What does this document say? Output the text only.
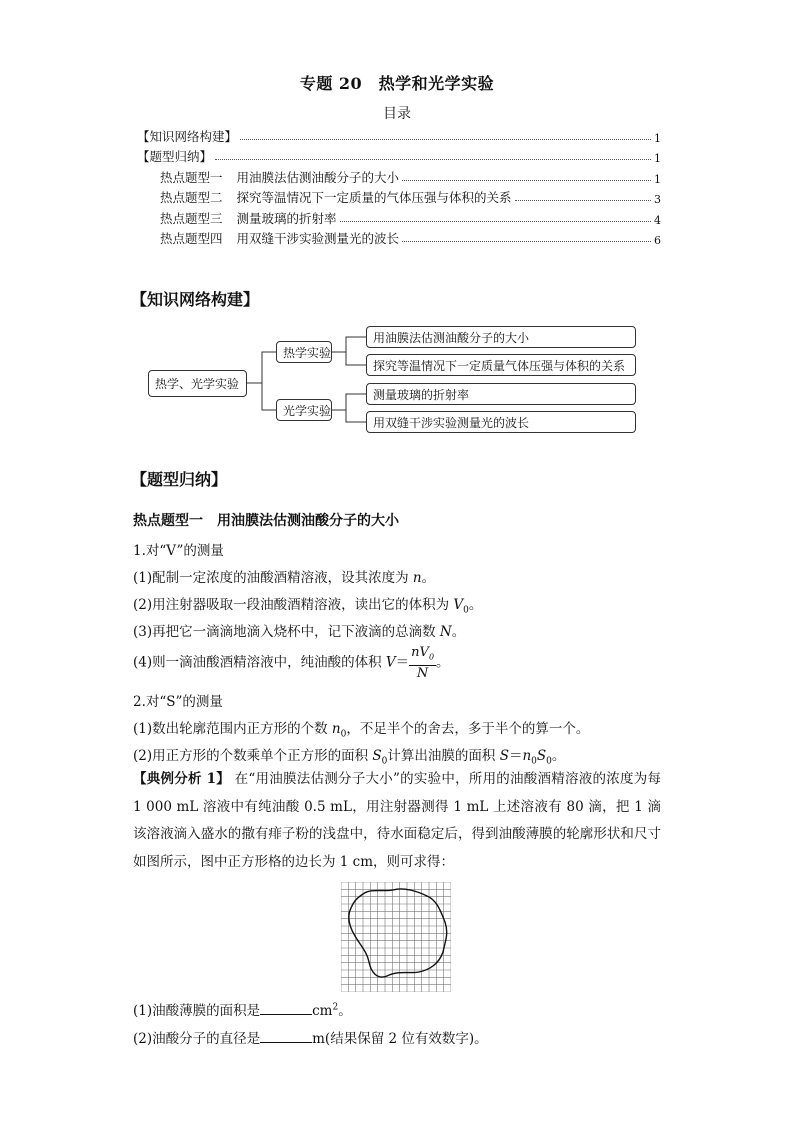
专题 20　热学和光学实验
目录
【知识网络构建】	1
【题型归纳】	1
热点题型一 用油膜法估测油酸分子的大小	1
热点题型二 探究等温情况下一定质量的气体压强与体积的关系	3
热点题型三 测量玻璃的折射率	4
热点题型四 用双缝干涉实验测量光的波长	6
【知识网络构建】
热学、光学实验
热学实验
光学实验
用油膜法估测油酸分子的大小
探究等温情况下一定质量气体压强与体积的关系
测量玻璃的折射率
用双缝干涉实验测量光的波长
【题型归纳】
热点题型一　用油膜法估测油酸分子的大小
1.对“V”的测量
(1)配制一定浓度的油酸酒精溶液，设其浓度为 n。
(2)用注射器吸取一段油酸酒精溶液，读出它的体积为 $V_0$。
(3)再把它一滴滴地滴入烧杯中，记下液滴的总滴数 N。
(4)则一滴油酸酒精溶液中，纯油酸的体积 $V= \frac{nV_0}{N}$ 。
2.对“S”的测量
(1)数出轮廓范围内正方形的个数 $n_0$，不足半个的舍去，多于半个的算一个。
(2)用正方形的个数乘单个正方形的面积 $S_0$计算出油膜的面积 $S=n_0S_0$。
【典例分析 1】 在“用油膜法估测分子大小”的实验中，所用的油酸酒精溶液的浓度为每 1 000 mL 溶液中有纯油酸 0.5 mL，用注射器测得 1 mL 上述溶液有 80 滴，把 1 滴该溶液滴入盛水的撒有痱子粉的浅盘中，待水面稳定后，得到油酸薄膜的轮廓形状和尺寸如图所示，图中正方形格的边长为 1 cm，则可求得：
(1)油酸薄膜的面积是	$cm^2$。
(2)油酸分子的直径是	m(结果保留 2 位有效数字)。
